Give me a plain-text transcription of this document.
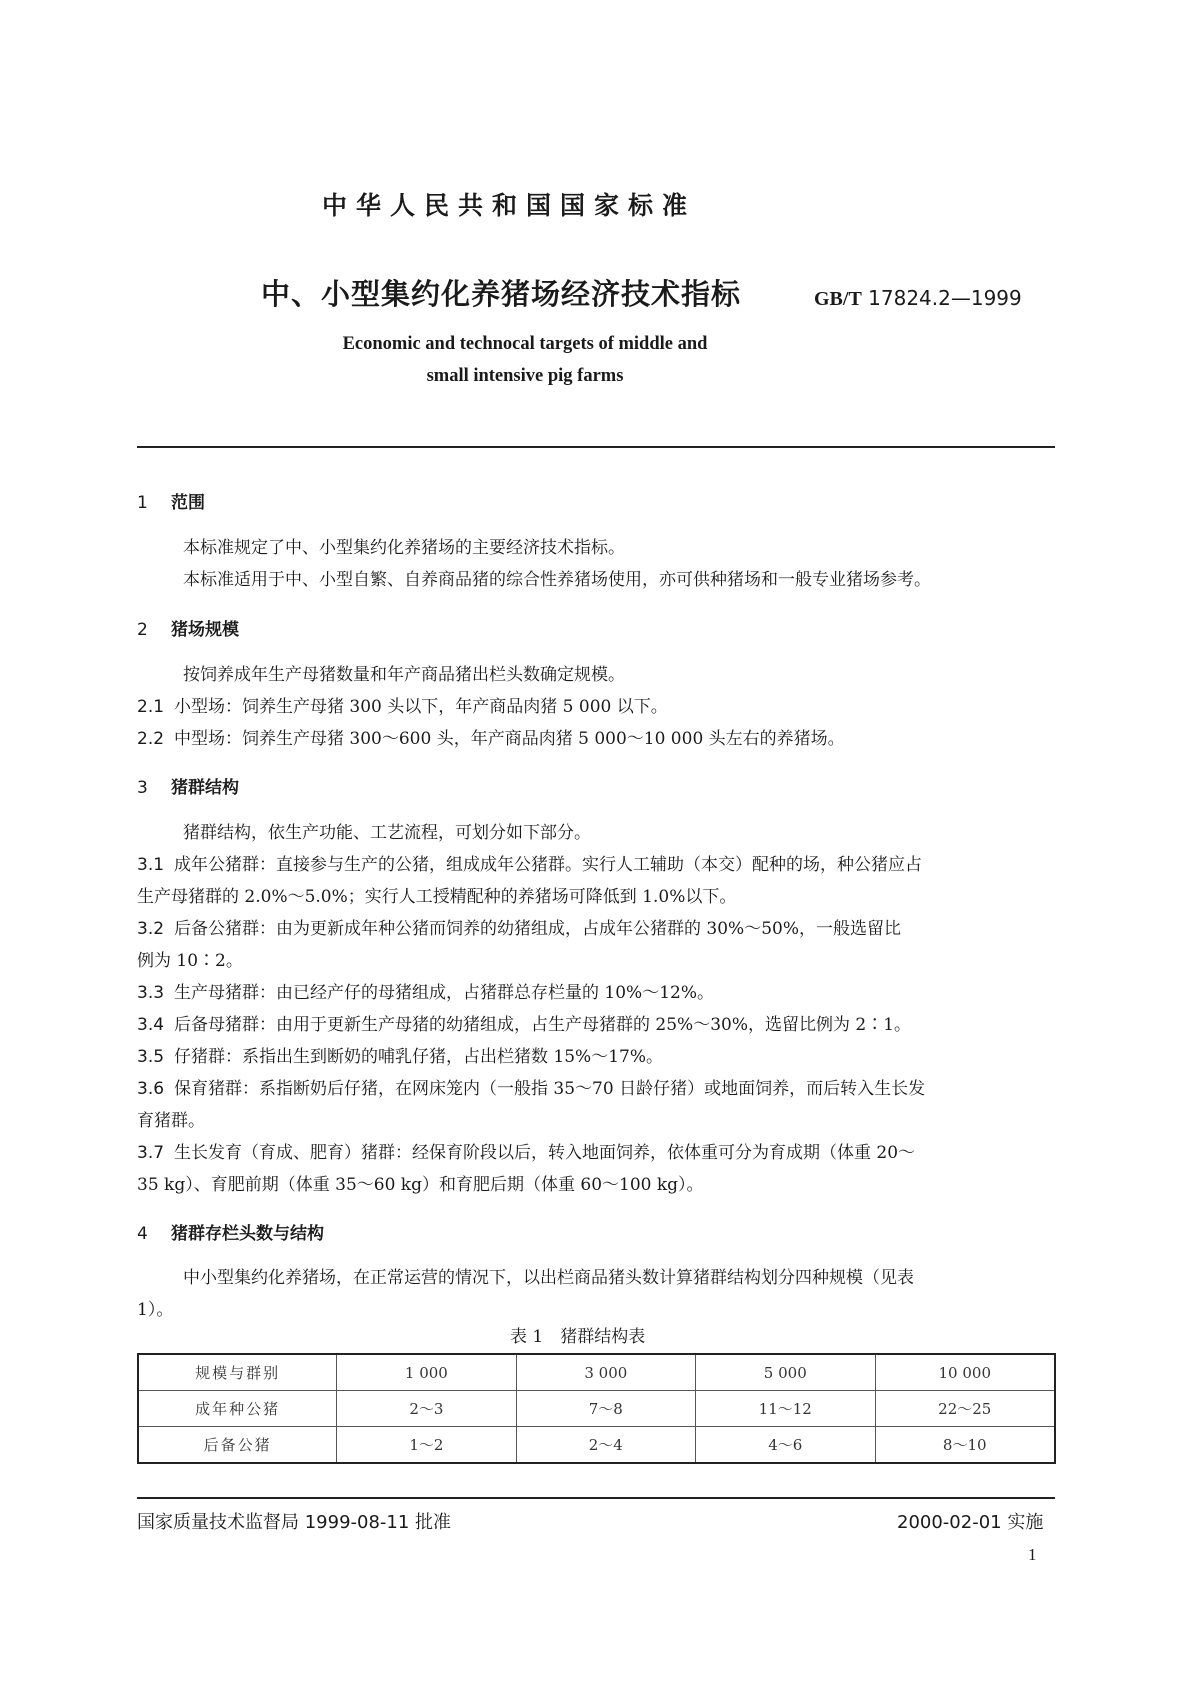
中华人民共和国国家标准
中、小型集约化养猪场经济技术指标	GB/T 17824.2—1999
Economic and technocal targets of middle and
small intensive pig farms
1 范围
本标准规定了中、小型集约化养猪场的主要经济技术指标。
本标准适用于中、小型自繁、自养商品猪的综合性养猪场使用，亦可供种猪场和一般专业猪场参考。
2 猪场规模
按饲养成年生产母猪数量和年产商品猪出栏头数确定规模。
2.1 小型场：饲养生产母猪 300 头以下，年产商品肉猪 5 000 以下。
2.2 中型场：饲养生产母猪 300～600 头，年产商品肉猪 5 000～10 000 头左右的养猪场。
3 猪群结构
猪群结构，依生产功能、工艺流程，可划分如下部分。
3.1 成年公猪群：直接参与生产的公猪，组成成年公猪群。实行人工辅助（本交）配种的场，种公猪应占
生产母猪群的 2.0%～5.0%；实行人工授精配种的养猪场可降低到 1.0%以下。
3.2 后备公猪群：由为更新成年种公猪而饲养的幼猪组成，占成年公猪群的 30%～50%，一般选留比
例为 10∶2。
3.3 生产母猪群：由已经产仔的母猪组成，占猪群总存栏量的 10%～12%。
3.4 后备母猪群：由用于更新生产母猪的幼猪组成，占生产母猪群的 25%～30%，选留比例为 2∶1。
3.5 仔猪群：系指出生到断奶的哺乳仔猪，占出栏猪数 15%～17%。
3.6 保育猪群：系指断奶后仔猪，在网床笼内（一般指 35～70 日龄仔猪）或地面饲养，而后转入生长发
育猪群。
3.7 生长发育（育成、肥育）猪群：经保育阶段以后，转入地面饲养，依体重可分为育成期（体重 20～
35 kg）、育肥前期（体重 35～60 kg）和育肥后期（体重 60～100 kg）。
4 猪群存栏头数与结构
中小型集约化养猪场，在正常运营的情况下，以出栏商品猪头数计算猪群结构划分四种规模（见表
1）。
表 1　猪群结构表
规模与群别	1 000	3 000	5 000	10 000
成年种公猪	2～3	7～8	11～12	22～25
后备公猪	1～2	2～4	4～6	8～10
国家质量技术监督局 1999-08-11 批准	2000-02-01 实施
1
